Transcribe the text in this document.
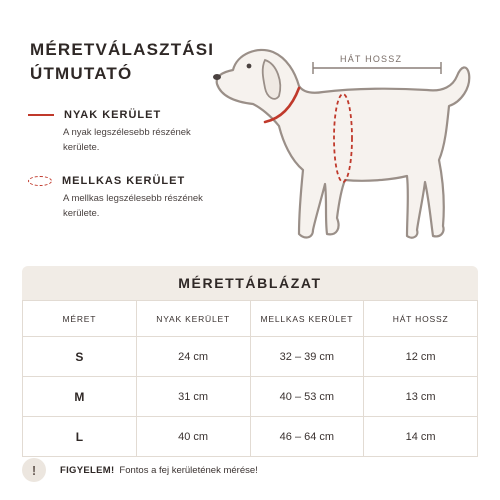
MÉRETVÁLASZTÁSI
ÚTMUTATÓ
NYAK KERÜLET
A nyak legszélesebb részének kerülete.
MELLKAS KERÜLET
A mellkas legszélesebb részének kerülete.
HÁT HOSSZ
MÉRETTÁBLÁZAT
MÉRET	NYAK KERÜLET	MELLKAS KERÜLET	HÁT HOSSZ
S	24 cm	32 – 39 cm	12 cm
M	31 cm	40 – 53 cm	13 cm
L	40 cm	46 – 64 cm	14 cm
!	FIGYELEM! Fontos a fej kerületének mérése!
